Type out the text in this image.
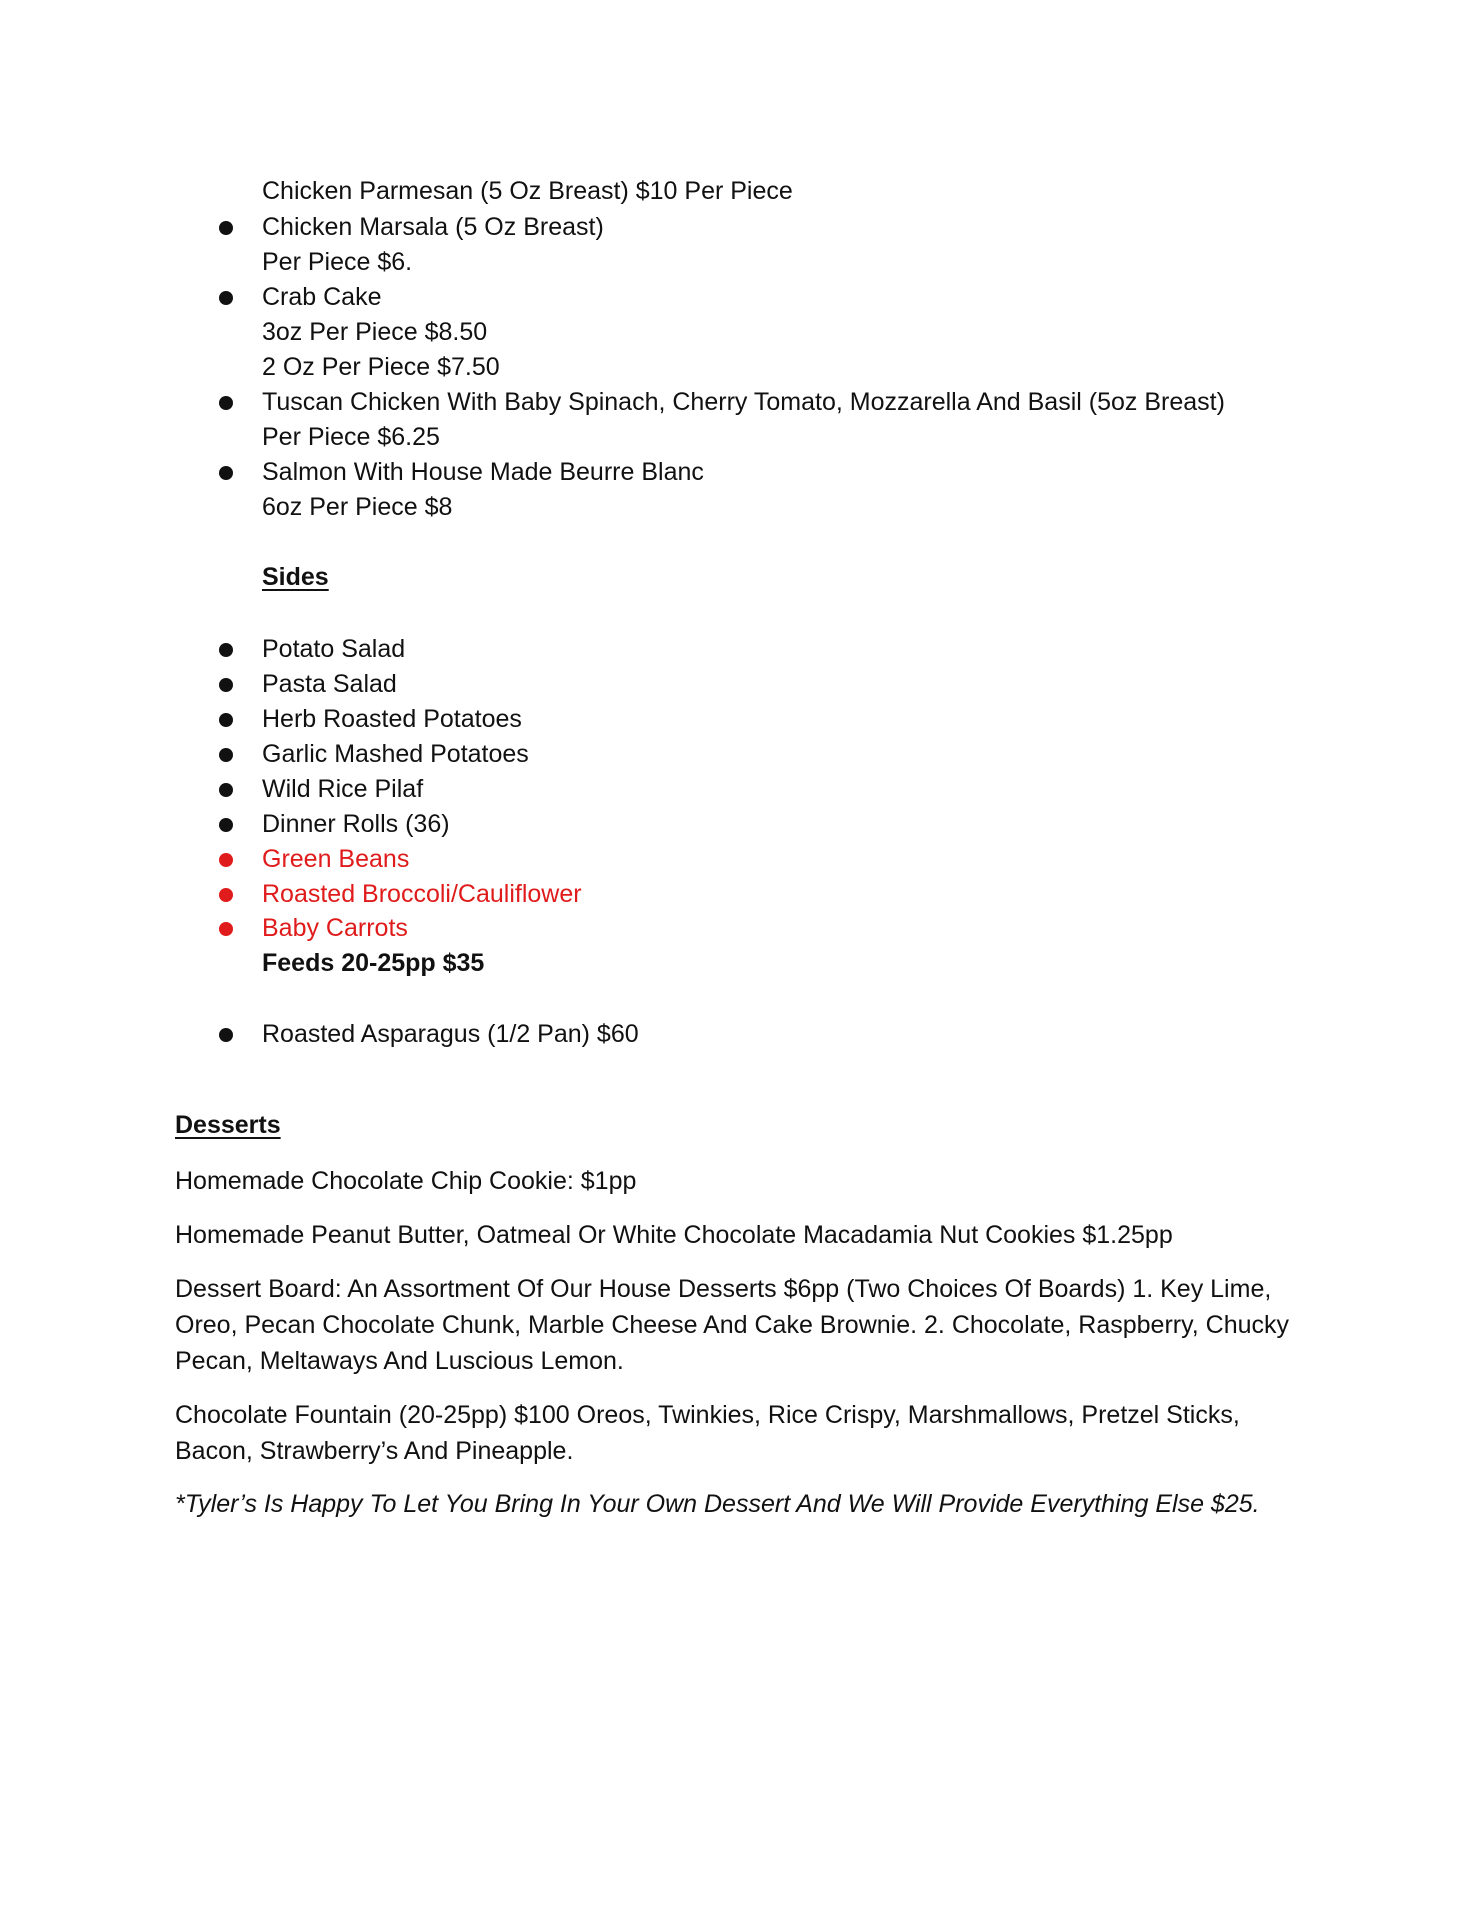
Chicken Parmesan (5 Oz Breast) $10 Per Piece
Chicken Marsala (5 Oz Breast)
Per Piece $6.
Crab Cake
3oz Per Piece $8.50
2 Oz Per Piece $7.50
Tuscan Chicken With Baby Spinach, Cherry Tomato, Mozzarella And Basil (5oz Breast)
Per Piece $6.25
Salmon With House Made Beurre Blanc
6oz Per Piece $8
Sides
Potato Salad
Pasta Salad
Herb Roasted Potatoes
Garlic Mashed Potatoes
Wild Rice Pilaf
Dinner Rolls (36)
Green Beans
Roasted Broccoli/Cauliflower
Baby Carrots
Feeds 20-25pp $35
Roasted Asparagus (1/2 Pan) $60
Desserts
Homemade Chocolate Chip Cookie: $1pp
Homemade Peanut Butter, Oatmeal Or White Chocolate Macadamia Nut Cookies $1.25pp
Dessert Board: An Assortment Of Our House Desserts $6pp (Two Choices Of Boards) 1. Key Lime, Oreo, Pecan Chocolate Chunk, Marble Cheese And Cake Brownie. 2. Chocolate, Raspberry, Chucky Pecan, Meltaways And Luscious Lemon.
Chocolate Fountain (20-25pp) $100 Oreos, Twinkies, Rice Crispy, Marshmallows, Pretzel Sticks, Bacon, Strawberry’s And Pineapple.
*Tyler’s Is Happy To Let You Bring In Your Own Dessert And We Will Provide Everything Else $25.
